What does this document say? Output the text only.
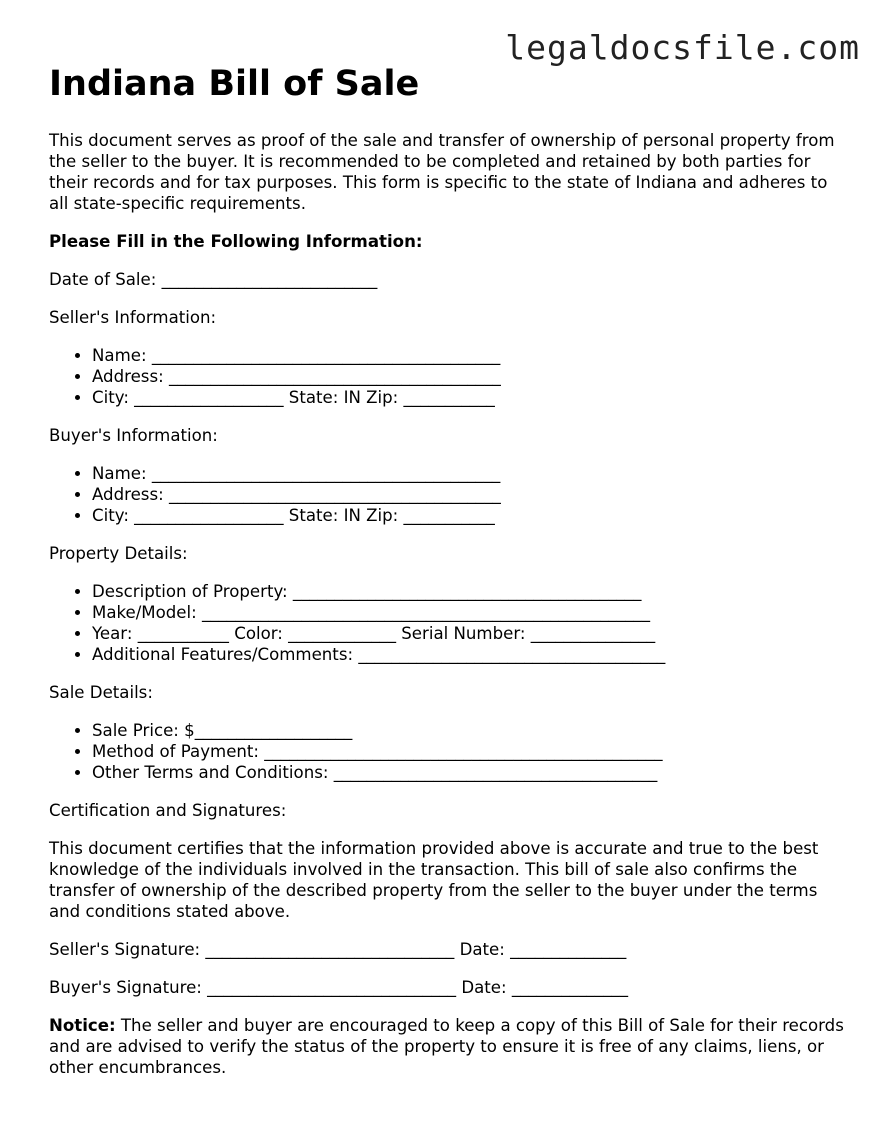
legaldocsfile.com
Indiana Bill of Sale

This document serves as proof of the sale and transfer of ownership of personal property from the seller to the buyer. It is recommended to be completed and retained by both parties for their records and for tax purposes. This form is specific to the state of Indiana and adheres to all state-specific requirements.

Please Fill in the Following Information:

Date of Sale: __________________________

Seller's Information:

• Name: __________________________________________
• Address: ________________________________________
• City: __________________ State: IN Zip: ___________

Buyer's Information:

• Name: __________________________________________
• Address: ________________________________________
• City: __________________ State: IN Zip: ___________

Property Details:

• Description of Property: __________________________________________
• Make/Model: ______________________________________________________
• Year: ___________ Color: _____________ Serial Number: _______________
• Additional Features/Comments: _____________________________________

Sale Details:

• Sale Price: $___________________
• Method of Payment: ________________________________________________
• Other Terms and Conditions: _______________________________________

Certification and Signatures:

This document certifies that the information provided above is accurate and true to the best knowledge of the individuals involved in the transaction. This bill of sale also confirms the transfer of ownership of the described property from the seller to the buyer under the terms and conditions stated above.

Seller's Signature: ______________________________ Date: ______________

Buyer's Signature: ______________________________ Date: ______________

Notice: The seller and buyer are encouraged to keep a copy of this Bill of Sale for their records and are advised to verify the status of the property to ensure it is free of any claims, liens, or other encumbrances.
